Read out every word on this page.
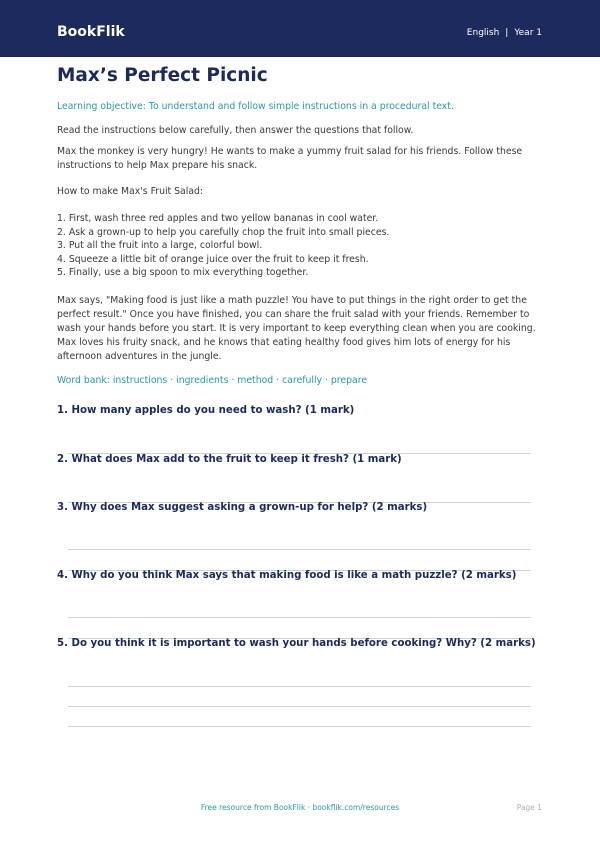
BookFlik	English | Year 1
Max’s Perfect Picnic

Learning objective: To understand and follow simple instructions in a procedural text.

Read the instructions below carefully, then answer the questions that follow.

Max the monkey is very hungry! He wants to make a yummy fruit salad for his friends. Follow these instructions to help Max prepare his snack.

How to make Max's Fruit Salad:

1. First, wash three red apples and two yellow bananas in cool water.
2. Ask a grown-up to help you carefully chop the fruit into small pieces.
3. Put all the fruit into a large, colorful bowl.
4. Squeeze a little bit of orange juice over the fruit to keep it fresh.
5. Finally, use a big spoon to mix everything together.

Max says, "Making food is just like a math puzzle! You have to put things in the right order to get the perfect result." Once you have finished, you can share the fruit salad with your friends. Remember to wash your hands before you start. It is very important to keep everything clean when you are cooking. Max loves his fruity snack, and he knows that eating healthy food gives him lots of energy for his afternoon adventures in the jungle.

Word bank: instructions · ingredients · method · carefully · prepare

1. How many apples do you need to wash? (1 mark)

2. What does Max add to the fruit to keep it fresh? (1 mark)

3. Why does Max suggest asking a grown-up for help? (2 marks)

4. Why do you think Max says that making food is like a math puzzle? (2 marks)

5. Do you think it is important to wash your hands before cooking? Why? (2 marks)

Free resource from BookFlik · bookflik.com/resources	Page 1
